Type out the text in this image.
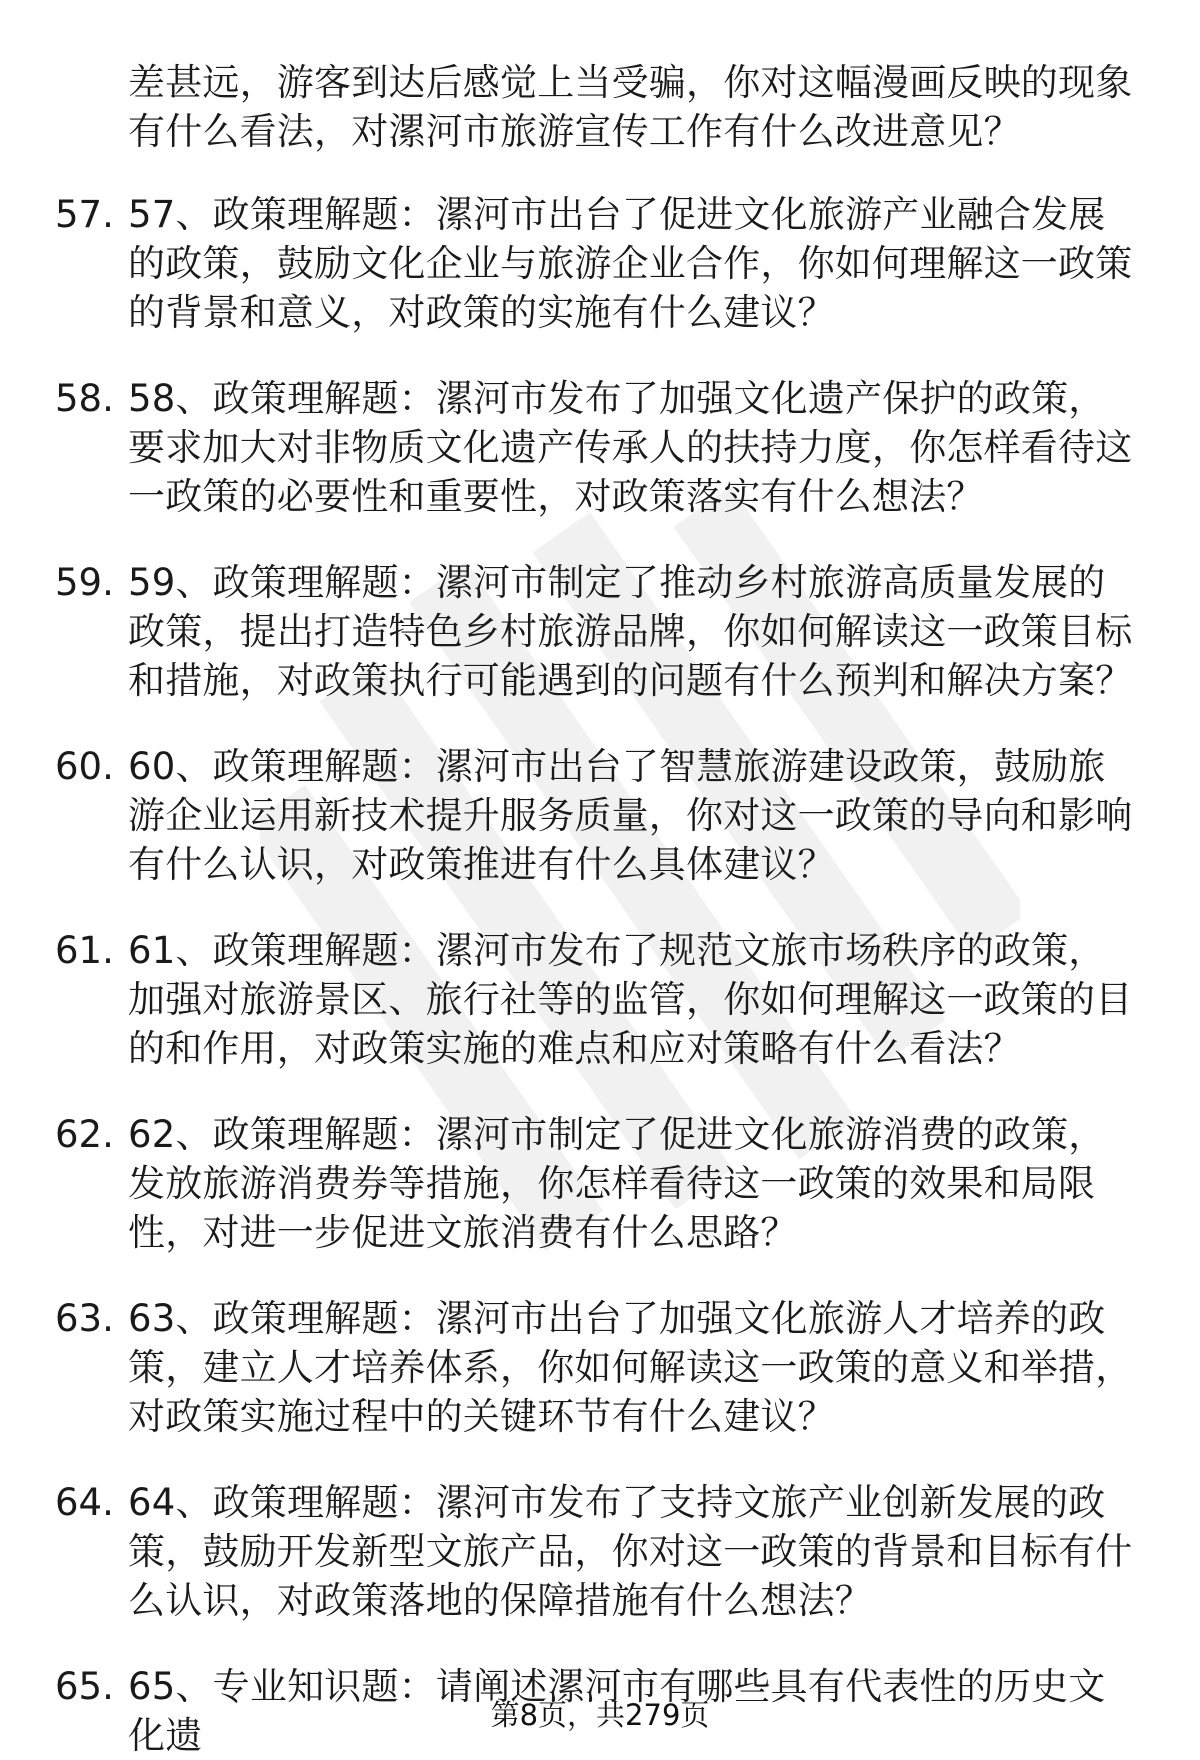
差甚远，游客到达后感觉上当受骗，你对这幅漫画反映的现象有什么看法，对漯河市旅游宣传工作有什么改进意见？
57. 57、政策理解题：漯河市出台了促进文化旅游产业融合发展的政策，鼓励文化企业与旅游企业合作，你如何理解这一政策的背景和意义，对政策的实施有什么建议？
58. 58、政策理解题：漯河市发布了加强文化遗产保护的政策，要求加大对非物质文化遗产传承人的扶持力度，你怎样看待这一政策的必要性和重要性，对政策落实有什么想法？
59. 59、政策理解题：漯河市制定了推动乡村旅游高质量发展的政策，提出打造特色乡村旅游品牌，你如何解读这一政策目标和措施，对政策执行可能遇到的问题有什么预判和解决方案？
60. 60、政策理解题：漯河市出台了智慧旅游建设政策，鼓励旅游企业运用新技术提升服务质量，你对这一政策的导向和影响有什么认识，对政策推进有什么具体建议？
61. 61、政策理解题：漯河市发布了规范文旅市场秩序的政策，加强对旅游景区、旅行社等的监管，你如何理解这一政策的目的和作用，对政策实施的难点和应对策略有什么看法？
62. 62、政策理解题：漯河市制定了促进文化旅游消费的政策，发放旅游消费券等措施，你怎样看待这一政策的效果和局限性，对进一步促进文旅消费有什么思路？
63. 63、政策理解题：漯河市出台了加强文化旅游人才培养的政策，建立人才培养体系，你如何解读这一政策的意义和举措，对政策实施过程中的关键环节有什么建议？
64. 64、政策理解题：漯河市发布了支持文旅产业创新发展的政策，鼓励开发新型文旅产品，你对这一政策的背景和目标有什么认识，对政策落地的保障措施有什么想法？
65. 65、专业知识题：请阐述漯河市有哪些具有代表性的历史文化遗	第8页，共279页
